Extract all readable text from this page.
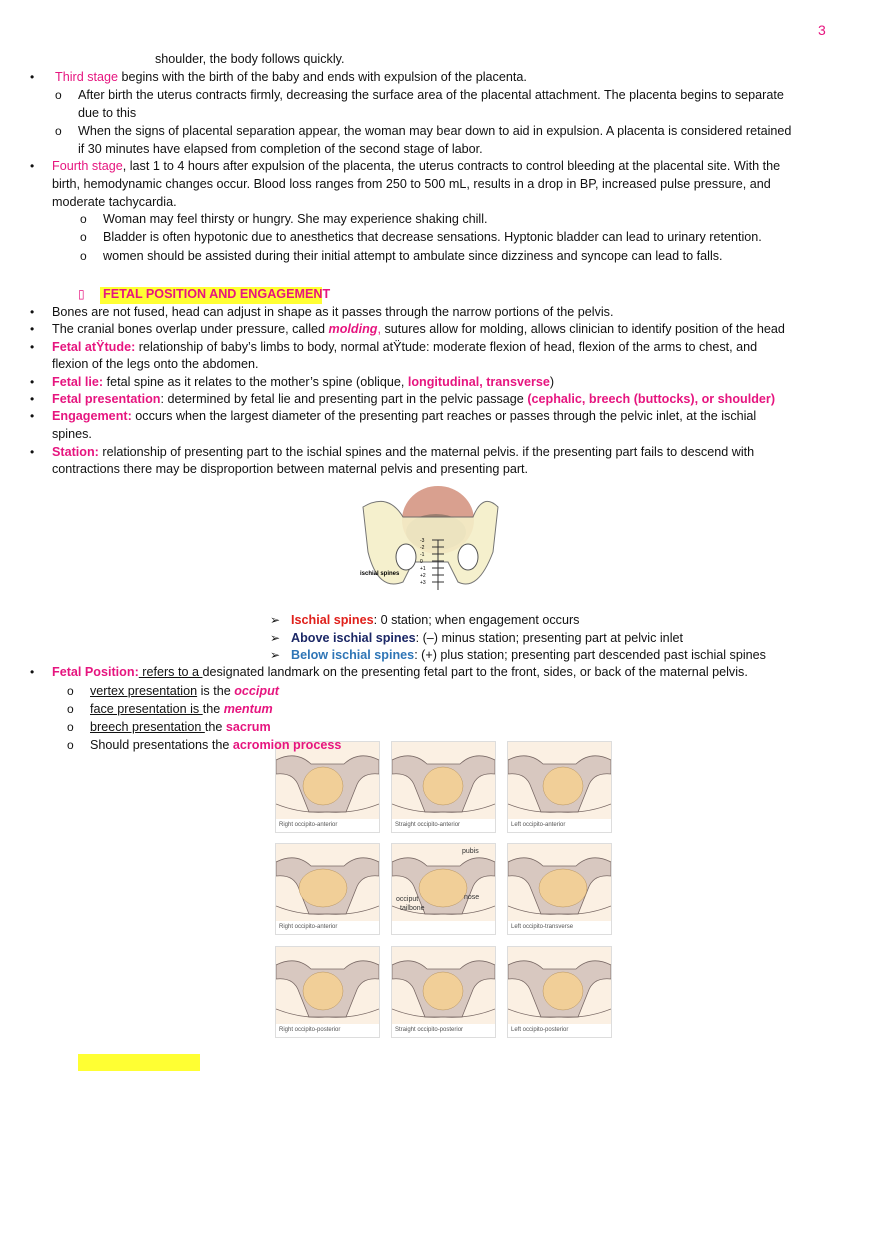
3
ischial spines
-3
-2
-1
0
+1
+2
+3
Right occipito-anterior	Straight occipito-anterior	Left occipito-anterior
Right occipito-anterior
pubis
occiput
tailbone
nose
Left occipito-transverse
Right occipito-posterior	Straight occipito-posterior	Left occipito-posterior
shoulder, the body follows quickly.
• Third stage begins with the birth of the baby and ends with expulsion of the placenta.
o After birth the uterus contracts firmly, decreasing the surface area of the placental attachment. The placenta begins to separate
due to this
o When the signs of placental separation appear, the woman may bear down to aid in expulsion. A placenta is considered retained
if 30 minutes have elapsed from completion of the second stage of labor.
• Fourth stage, last 1 to 4 hours after expulsion of the placenta, the uterus contracts to control bleeding at the placental site. With the
birth, hemodynamic changes occur. Blood loss ranges from 250 to 500 mL, results in a drop in BP, increased pulse pressure, and
moderate tachycardia.
o Woman may feel thirsty or hungry. She may experience shaking chill.
o Bladder is often hypotonic due to anesthetics that decrease sensations. Hyptonic bladder can lead to urinary retention.
o women should be assisted during their initial attempt to ambulate since dizziness and syncope can lead to falls.
▯ FETAL POSITION AND ENGAGEMENT
• Bones are not fused, head can adjust in shape as it passes through the narrow portions of the pelvis.
• The cranial bones overlap under pressure, called molding, sutures allow for molding, allows clinician to identify position of the head
• Fetal atŸtude: relationship of baby’s limbs to body, normal atŸtude: moderate flexion of head, flexion of the arms to chest, and
flexion of the legs onto the abdomen.
• Fetal lie: fetal spine as it relates to the mother’s spine (oblique, longitudinal, transverse)
• Fetal presentation: determined by fetal lie and presenting part in the pelvic passage (cephalic, breech (buttocks), or shoulder)
• Engagement: occurs when the largest diameter of the presenting part reaches or passes through the pelvic inlet, at the ischial
spines.
• Station: relationship of presenting part to the ischial spines and the maternal pelvis. if the presenting part fails to descend with
contractions there may be disproportion between maternal pelvis and presenting part.
➢ Ischial spines: 0 station; when engagement occurs
➢ Above ischial spines: (–) minus station; presenting part at pelvic inlet
➢ Below ischial spines: (+) plus station; presenting part descended past ischial spines
• Fetal Position: refers to a designated landmark on the presenting fetal part to the front, sides, or back of the maternal pelvis.
o vertex presentation is the occiput
o face presentation is the mentum
o breech presentation the sacrum
o Should presentations the acromion process
